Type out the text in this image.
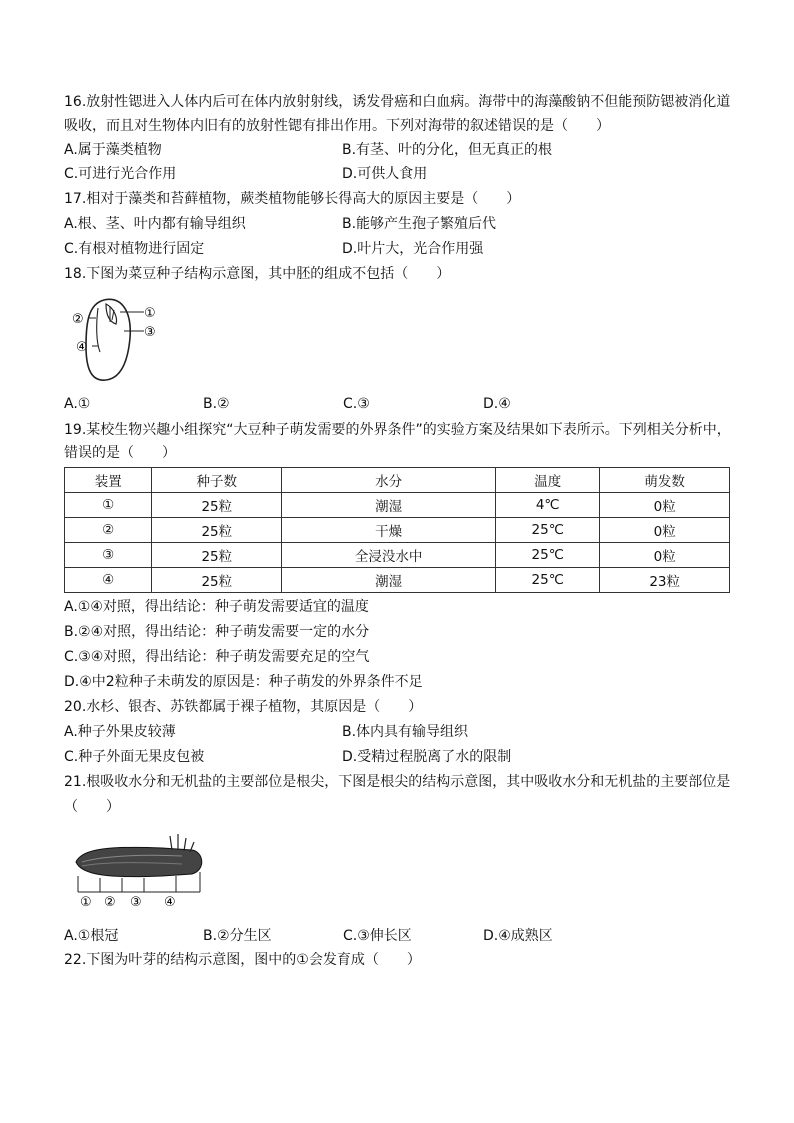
16.放射性锶进入人体内后可在体内放射射线，诱发骨癌和白血病。海带中的海藻酸钠不但能预防锶被消化道
吸收，而且对生物体内旧有的放射性锶有排出作用。下列对海带的叙述错误的是（　　）
A.属于藻类植物	B.有茎、叶的分化，但无真正的根
C.可进行光合作用	D.可供人食用
17.相对于藻类和苔藓植物，蕨类植物能够长得高大的原因主要是（　　）
A.根、茎、叶内都有输导组织	B.能够产生孢子繁殖后代
C.有根对植物进行固定	D.叶片大，光合作用强
18.下图为菜豆种子结构示意图，其中胚的组成不包括（　　）
①
②
③
④
A.①	B.②	C.③	D.④
19.某校生物兴趣小组探究“大豆种子萌发需要的外界条件”的实验方案及结果如下表所示。下列相关分析中，
错误的是（　　）
装置	种子数	水分	温度	萌发数
①	25粒	潮湿	4℃	0粒
②	25粒	干燥	25℃	0粒
③	25粒	全浸没水中	25℃	0粒
④	25粒	潮湿	25℃	23粒
A.①④对照，得出结论：种子萌发需要适宜的温度
B.②④对照，得出结论：种子萌发需要一定的水分
C.③④对照，得出结论：种子萌发需要充足的空气
D.④中2粒种子未萌发的原因是：种子萌发的外界条件不足
20.水杉、银杏、苏铁都属于裸子植物，其原因是（　　）
A.种子外果皮较薄	B.体内具有输导组织
C.种子外面无果皮包被	D.受精过程脱离了水的限制
21.根吸收水分和无机盐的主要部位是根尖，下图是根尖的结构示意图，其中吸收水分和无机盐的主要部位是
（　　）
① ② ③ ④
A.①根冠	B.②分生区	C.③伸长区	D.④成熟区
22.下图为叶芽的结构示意图，图中的①会发育成（　　）
